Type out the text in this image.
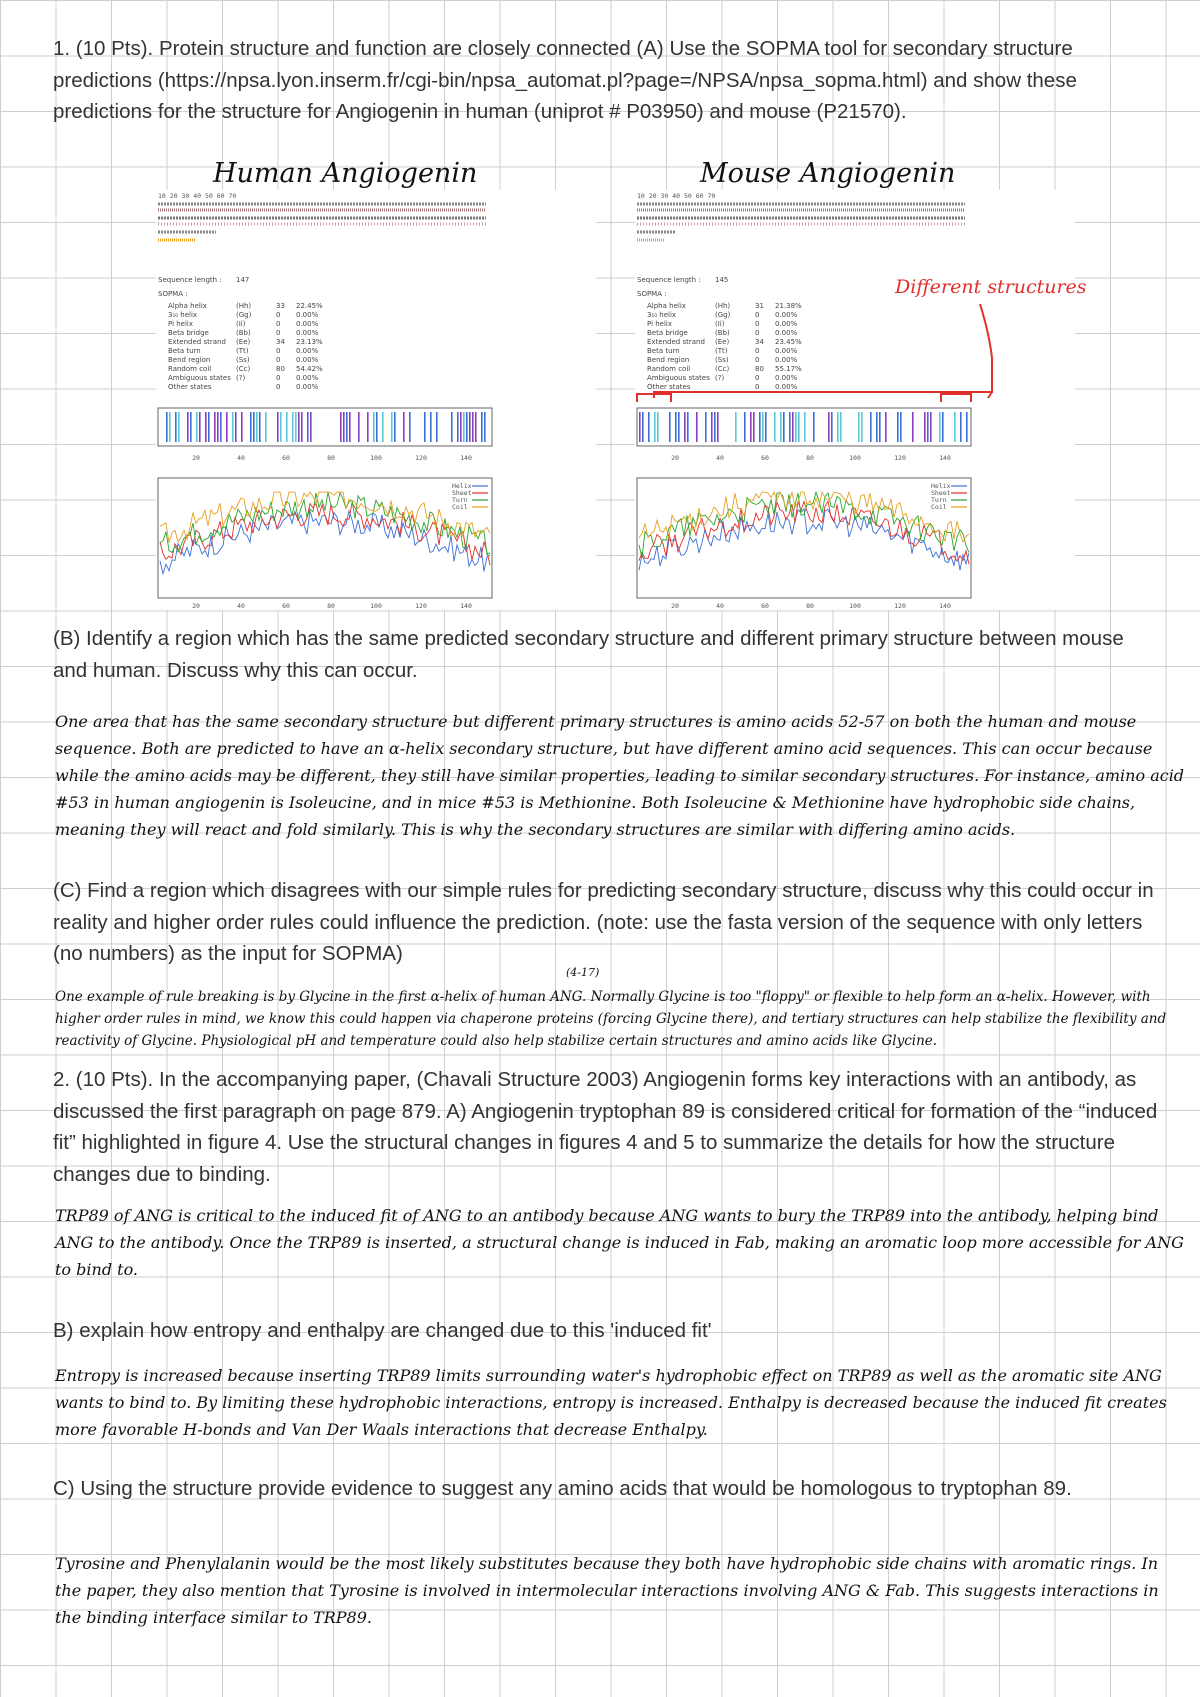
1. (10 Pts). Protein structure and function are closely connected (A) Use the SOPMA tool for secondary structure predictions (https://npsa.lyon.inserm.fr/cgi-bin/npsa_automat.pl?page=/NPSA/npsa_sopma.html) and show these predictions for the structure for Angiogenin in human (uniprot # P03950) and mouse (P21570).

Human Angiogenin	Mouse Angiogenin
10 20 30 40 50 60 70
Sequence length : 147
SOPMA :
Alpha helix	(Hh)	33 22.45%
3₁₀ helix	(Gg)	0 0.00%
Pi helix	(Ii)	0 0.00%
Beta bridge	(Bb)	0 0.00%
Extended strand (Ee)	34 23.13%
Beta turn	(Tt)	0 0.00%
Bend region	(Ss)	0 0.00%
Random coil	(Cc)	80 54.42%
Ambiguous states (?)	0 0.00%
Other states	0 0.00%
20	40	60	80	100	120	140
Helix
Sheet
Turn
Coil
20	40	60	80	100	120	140
10 20 30 40 50 60 70
Sequence length : 145
SOPMA :
Alpha helix	(Hh)	31 21.38%
3₁₀ helix	(Gg)	0 0.00%
Pi helix	(Ii)	0 0.00%
Beta bridge	(Bb)	0 0.00%
Extended strand (Ee)	34 23.45%
Beta turn	(Tt)	0 0.00%
Bend region	(Ss)	0 0.00%
Random coil	(Cc)	80 55.17%
Ambiguous states (?)	0 0.00%
Other states	0 0.00%
20	40	60	80	100	120	140
Helix
Sheet
Turn
Coil
20	40	60	80	100	120	140
Different structures

(B) Identify a region which has the same predicted secondary structure and different primary structure between mouse and human. Discuss why this can occur.

One area that has the same secondary structure but different primary structures is amino acids 52-57 on both the human and mouse sequence. Both are predicted to have an α-helix secondary structure, but have different amino acid sequences. This can occur because while the amino acids may be different, they still have similar properties, leading to similar secondary structures. For instance, amino acid #53 in human angiogenin is Isoleucine, and in mice #53 is Methionine. Both Isoleucine & Methionine have hydrophobic side chains, meaning they will react and fold similarly. This is why the secondary structures are similar with differing amino acids.

(C) Find a region which disagrees with our simple rules for predicting secondary structure, discuss why this could occur in reality and higher order rules could influence the prediction. (note: use the fasta version of the sequence with only letters (no numbers) as the input for SOPMA)

(4-17)

One example of rule breaking is by Glycine in the first α-helix of human ANG. Normally Glycine is too "floppy" or flexible to help form an α-helix. However, with higher order rules in mind, we know this could happen via chaperone proteins (forcing Glycine there), and tertiary structures can help stabilize the flexibility and reactivity of Glycine. Physiological pH and temperature could also help stabilize certain structures and amino acids like Glycine.

2. (10 Pts). In the accompanying paper, (Chavali Structure 2003) Angiogenin forms key interactions with an antibody, as discussed the first paragraph on page 879. A) Angiogenin tryptophan 89 is considered critical for formation of the “induced fit” highlighted in figure 4. Use the structural changes in figures 4 and 5 to summarize the details for how the structure changes due to binding.

TRP89 of ANG is critical to the induced fit of ANG to an antibody because ANG wants to bury the TRP89 into the antibody, helping bind ANG to the antibody. Once the TRP89 is inserted, a structural change is induced in Fab, making an aromatic loop more accessible for ANG to bind to.

B) explain how entropy and enthalpy are changed due to this 'induced fit'

Entropy is increased because inserting TRP89 limits surrounding water's hydrophobic effect on TRP89 as well as the aromatic site ANG wants to bind to. By limiting these hydrophobic interactions, entropy is increased. Enthalpy is decreased because the induced fit creates more favorable H-bonds and Van Der Waals interactions that decrease Enthalpy.

C) Using the structure provide evidence to suggest any amino acids that would be homologous to tryptophan 89.

Tyrosine and Phenylalanin would be the most likely substitutes because they both have hydrophobic side chains with aromatic rings. In the paper, they also mention that Tyrosine is involved in intermolecular interactions involving ANG & Fab. This suggests interactions in the binding interface similar to TRP89.
